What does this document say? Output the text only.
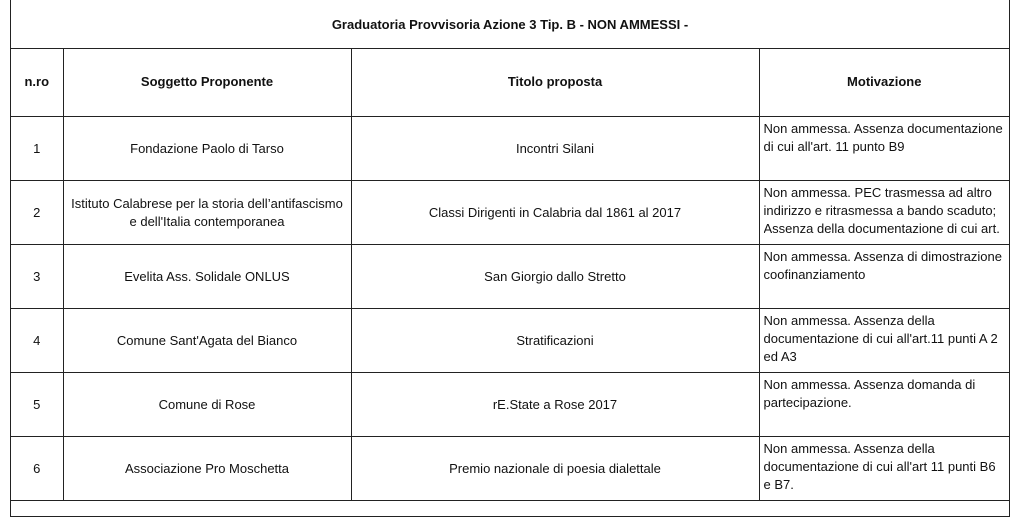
Graduatoria Provvisoria Azione 3 Tip. B - NON AMMESSI -
n.ro	Soggetto Proponente	Titolo proposta	Motivazione
1	Fondazione Paolo di Tarso	Incontri Silani	Non ammessa. Assenza documentazione di cui all'art. 11 punto B9

2	Istituto Calabrese per la storia dell’antifascismo e dell'Italia contemporanea	Classi Dirigenti in Calabria dal 1861 al 2017	Non ammessa. PEC trasmessa ad altro indirizzo e ritrasmessa a bando scaduto; Assenza della documentazione di cui art.

3	Evelita Ass. Solidale ONLUS	San Giorgio dallo Stretto	Non ammessa. Assenza di dimostrazione coofinanziamento

4	Comune Sant'Agata del Bianco	Stratificazioni	Non ammessa. Assenza della documentazione di cui all'art.11 punti A 2 ed A3

5	Comune di Rose	rE.State a Rose 2017	Non ammessa. Assenza domanda di partecipazione.

6	Associazione Pro Moschetta	Premio nazionale di poesia dialettale	Non ammessa. Assenza della documentazione di cui all'art 11 punti B6 e B7.
